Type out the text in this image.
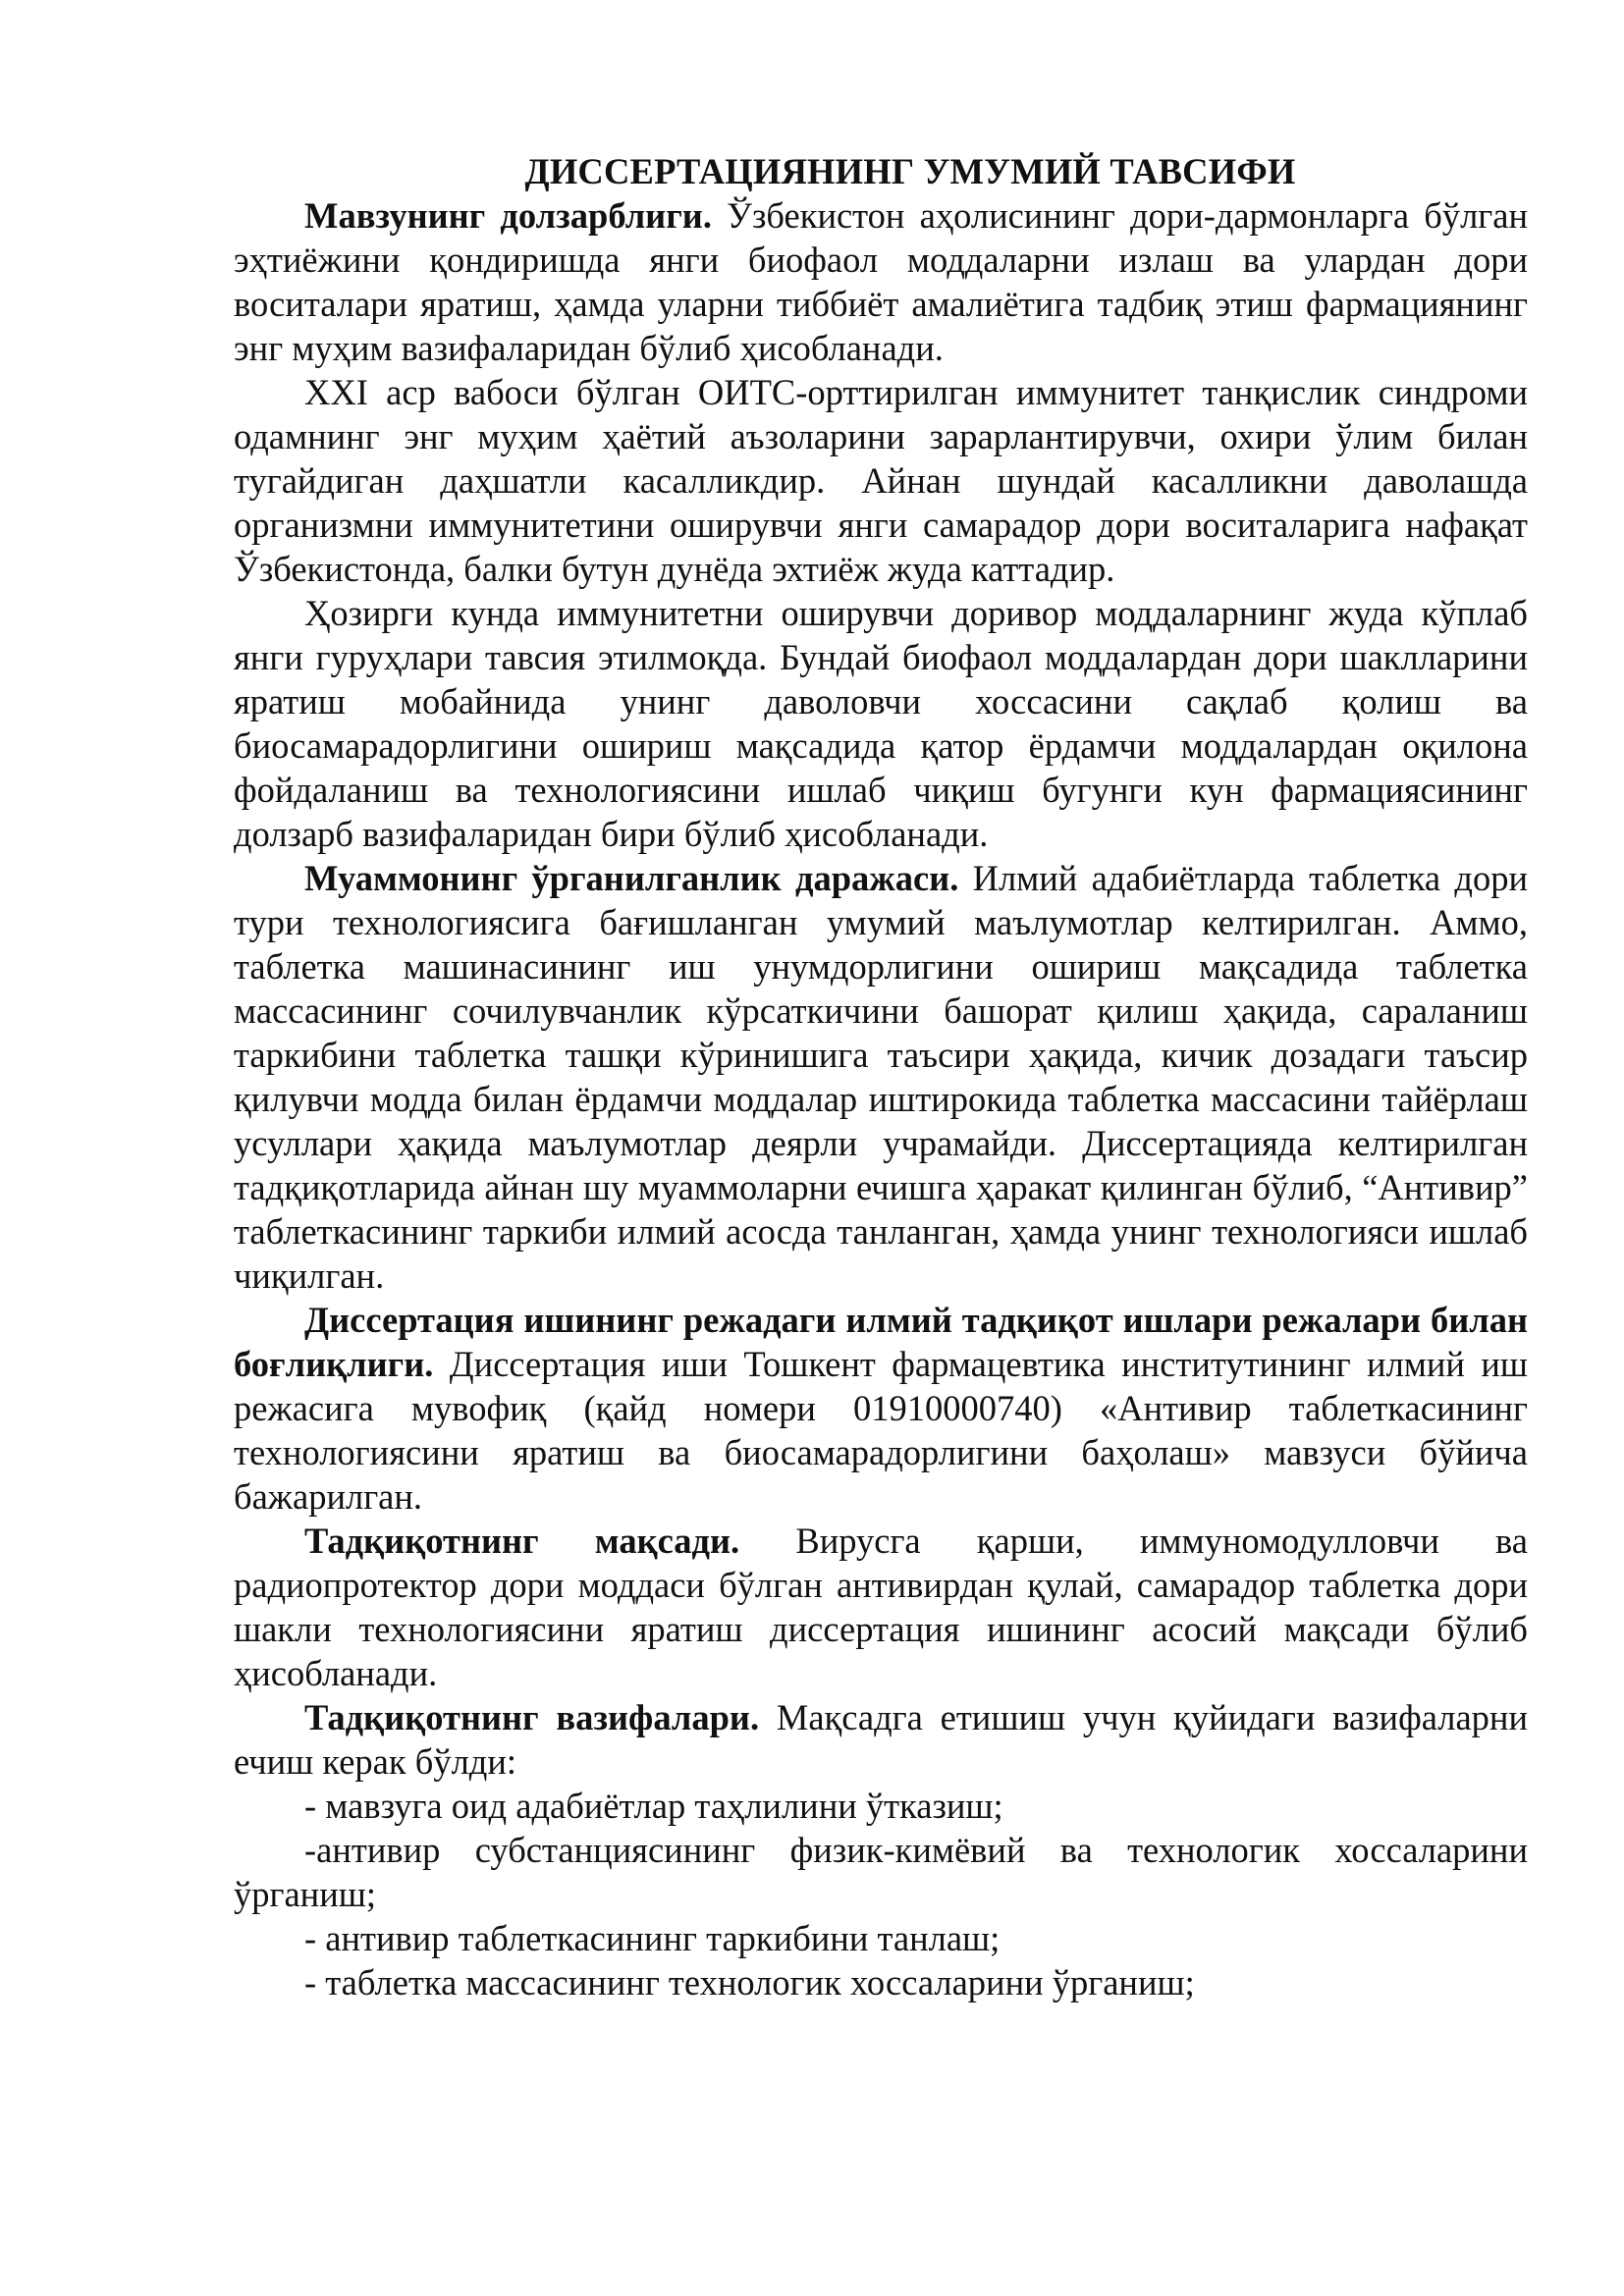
ДИССЕРТАЦИЯНИНГ УМУМИЙ ТАВСИФИ

Мавзунинг долзарблиги. Ўзбекистон аҳолисининг дори-дармонларга бўлган эҳтиёжини қондиришда янги биофаол моддаларни излаш ва улардан дори воситалари яратиш, ҳамда уларни тиббиёт амалиётига тадбиқ этиш фармациянинг энг муҳим вазифаларидан бўлиб ҳисобланади.

XXI аср вабоси бўлган ОИТС-орттирилган иммунитет танқислик синдроми одамнинг энг муҳим ҳаётий аъзоларини зарарлантирувчи, охири ўлим билан тугайдиган даҳшатли касалликдир. Айнан шундай касалликни даволашда организмни иммунитетини оширувчи янги самарадор дори воситаларига нафақат Ўзбекистонда, балки бутун дунёда эхтиёж жуда каттадир.

Ҳозирги кунда иммунитетни оширувчи доривор моддаларнинг жуда кўплаб янги гуруҳлари тавсия этилмоқда. Бундай биофаол моддалардан дори шаклларини яратиш мобайнида унинг даволовчи хоссасини сақлаб қолиш ва биосамарадорлигини ошириш мақсадида қатор ёрдамчи моддалардан оқилона фойдаланиш ва технологиясини ишлаб чиқиш бугунги кун фармациясининг долзарб вазифаларидан бири бўлиб ҳисобланади.

Муаммонинг ўрганилганлик даражаси. Илмий адабиётларда таблетка дори тури технологиясига бағишланган умумий маълумотлар келтирилган. Аммо, таблетка машинасининг иш унумдорлигини ошириш мақсадида таблетка массасининг сочилувчанлик кўрсаткичини башорат қилиш ҳақида, сараланиш таркибини таблетка ташқи кўринишига таъсири ҳақида, кичик дозадаги таъсир қилувчи модда билан ёрдамчи моддалар иштирокида таблетка массасини тайёрлаш усуллари ҳақида маълумотлар деярли учрамайди. Диссертацияда келтирилган тадқиқотларида айнан шу муаммоларни ечишга ҳаракат қилинган бўлиб, “Антивир” таблеткасининг таркиби илмий асосда танланган, ҳамда унинг технологияси ишлаб чиқилган.

Диссертация ишининг режадаги илмий тадқиқот ишлари режалари билан боғлиқлиги. Диссертация иши Тошкент фармацевтика институтининг илмий иш режасига мувофиқ (қайд номери 01910000740) «Антивир таблеткасининг технологиясини яратиш ва биосамарадорлигини баҳолаш» мавзуси бўйича бажарилган.

Тадқиқотнинг мақсади. Вирусга қарши, иммуномодулловчи ва радиопротектор дори моддаси бўлган антивирдан қулай, самарадор таблетка дори шакли технологиясини яратиш диссертация ишининг асосий мақсади бўлиб ҳисобланади.

Тадқиқотнинг вазифалари. Мақсадга етишиш учун қуйидаги вазифаларни ечиш керак бўлди:

- мавзуга оид адабиётлар таҳлилини ўтказиш;

-антивир субстанциясининг физик-кимёвий ва технологик хоссаларини ўрганиш;

- антивир таблеткасининг таркибини танлаш;

- таблетка массасининг технологик хоссаларини ўрганиш;
